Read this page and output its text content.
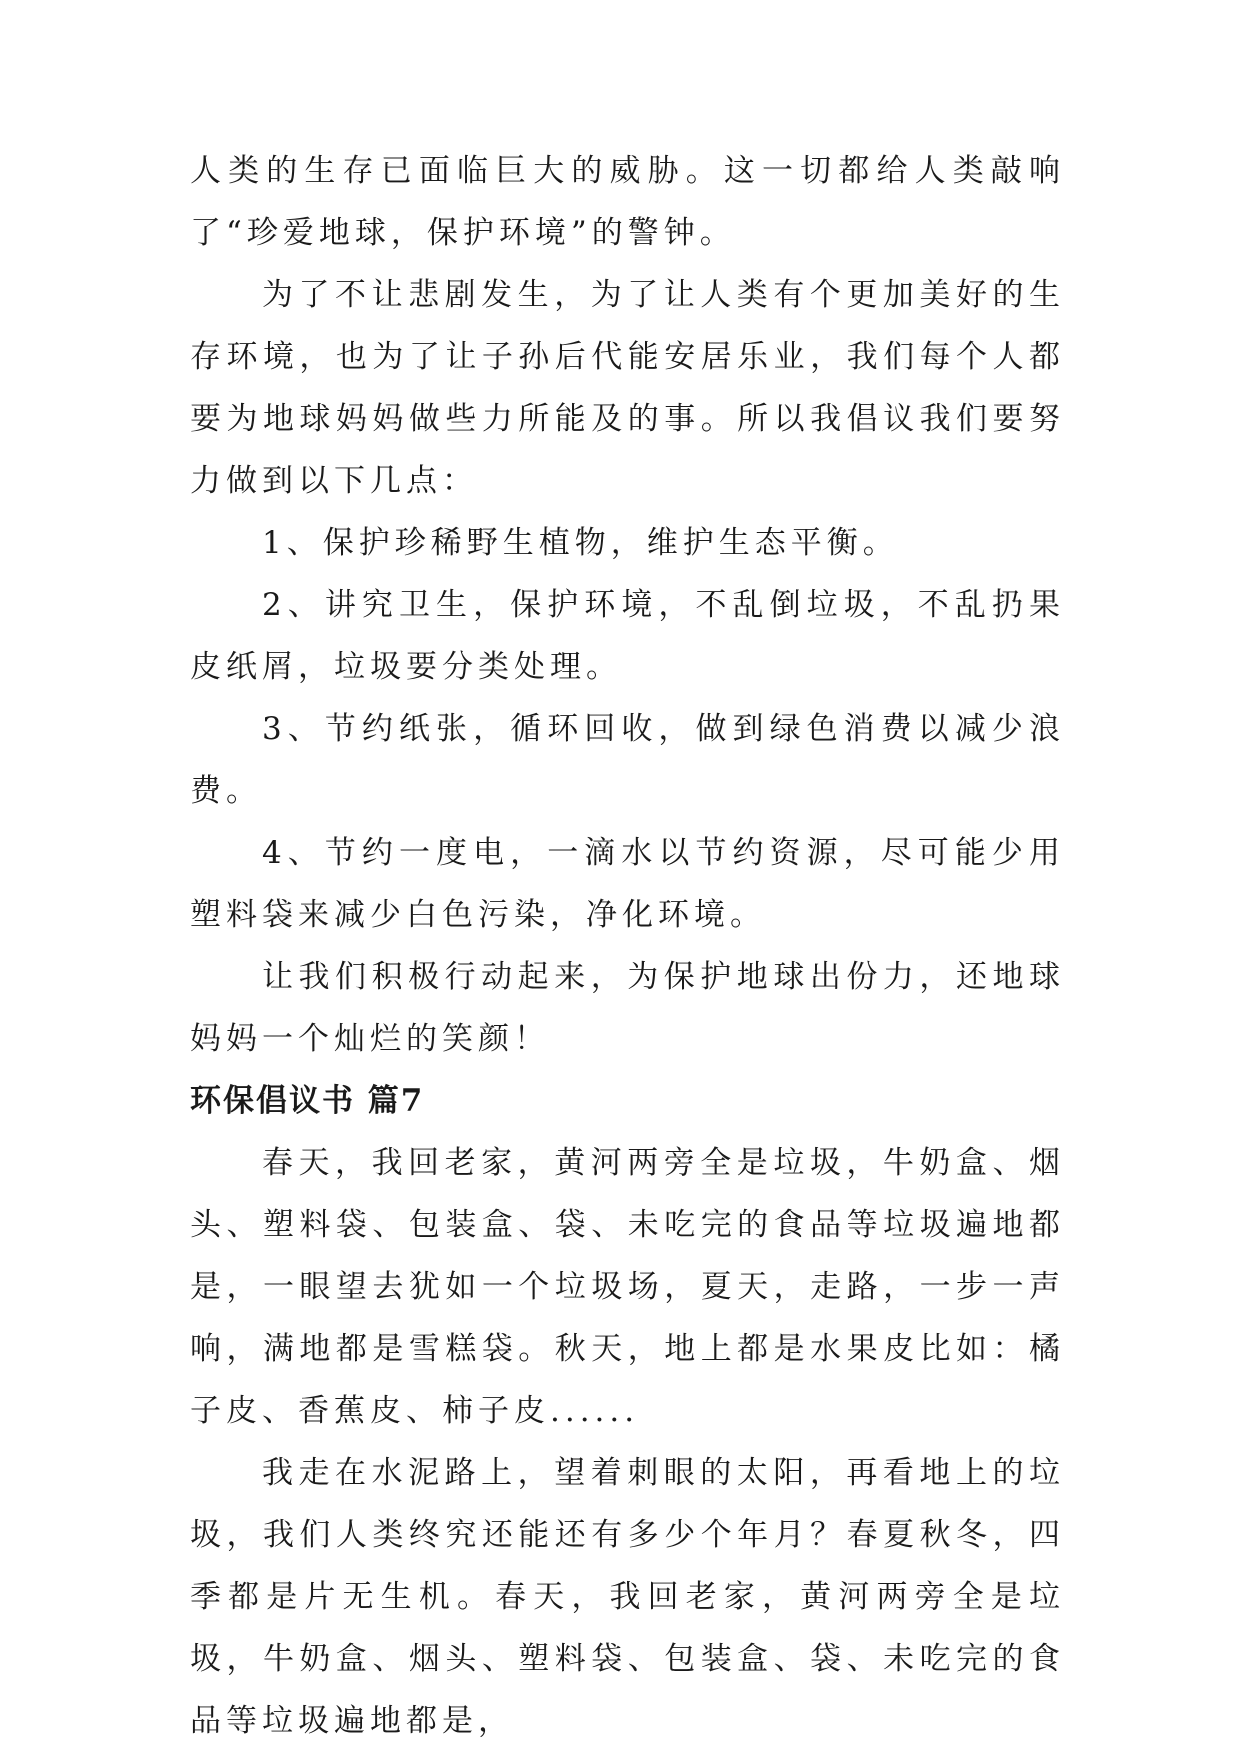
人类的生存已面临巨大的威胁。这一切都给人类敲响了“珍爱地球，保护环境”的警钟。

为了不让悲剧发生，为了让人类有个更加美好的生存环境，也为了让子孙后代能安居乐业，我们每个人都要为地球妈妈做些力所能及的事。所以我倡议我们要努力做到以下几点：

1、保护珍稀野生植物，维护生态平衡。

2、讲究卫生，保护环境，不乱倒垃圾，不乱扔果皮纸屑，垃圾要分类处理。

3、节约纸张，循环回收，做到绿色消费以减少浪费。

4、节约一度电，一滴水以节约资源，尽可能少用塑料袋来减少白色污染，净化环境。

让我们积极行动起来，为保护地球出份力，还地球妈妈一个灿烂的笑颜！

环保倡议书 篇7

春天，我回老家，黄河两旁全是垃圾，牛奶盒、烟头、塑料袋、包装盒、袋、未吃完的食品等垃圾遍地都是，一眼望去犹如一个垃圾场，夏天，走路，一步一声响，满地都是雪糕袋。秋天，地上都是水果皮比如：橘子皮、香蕉皮、柿子皮......

我走在水泥路上，望着刺眼的太阳，再看地上的垃圾，我们人类终究还能还有多少个年月？春夏秋冬，四季都是片无生机。春天，我回老家，黄河两旁全是垃圾，牛奶盒、烟头、塑料袋、包装盒、袋、未吃完的食品等垃圾遍地都是，
